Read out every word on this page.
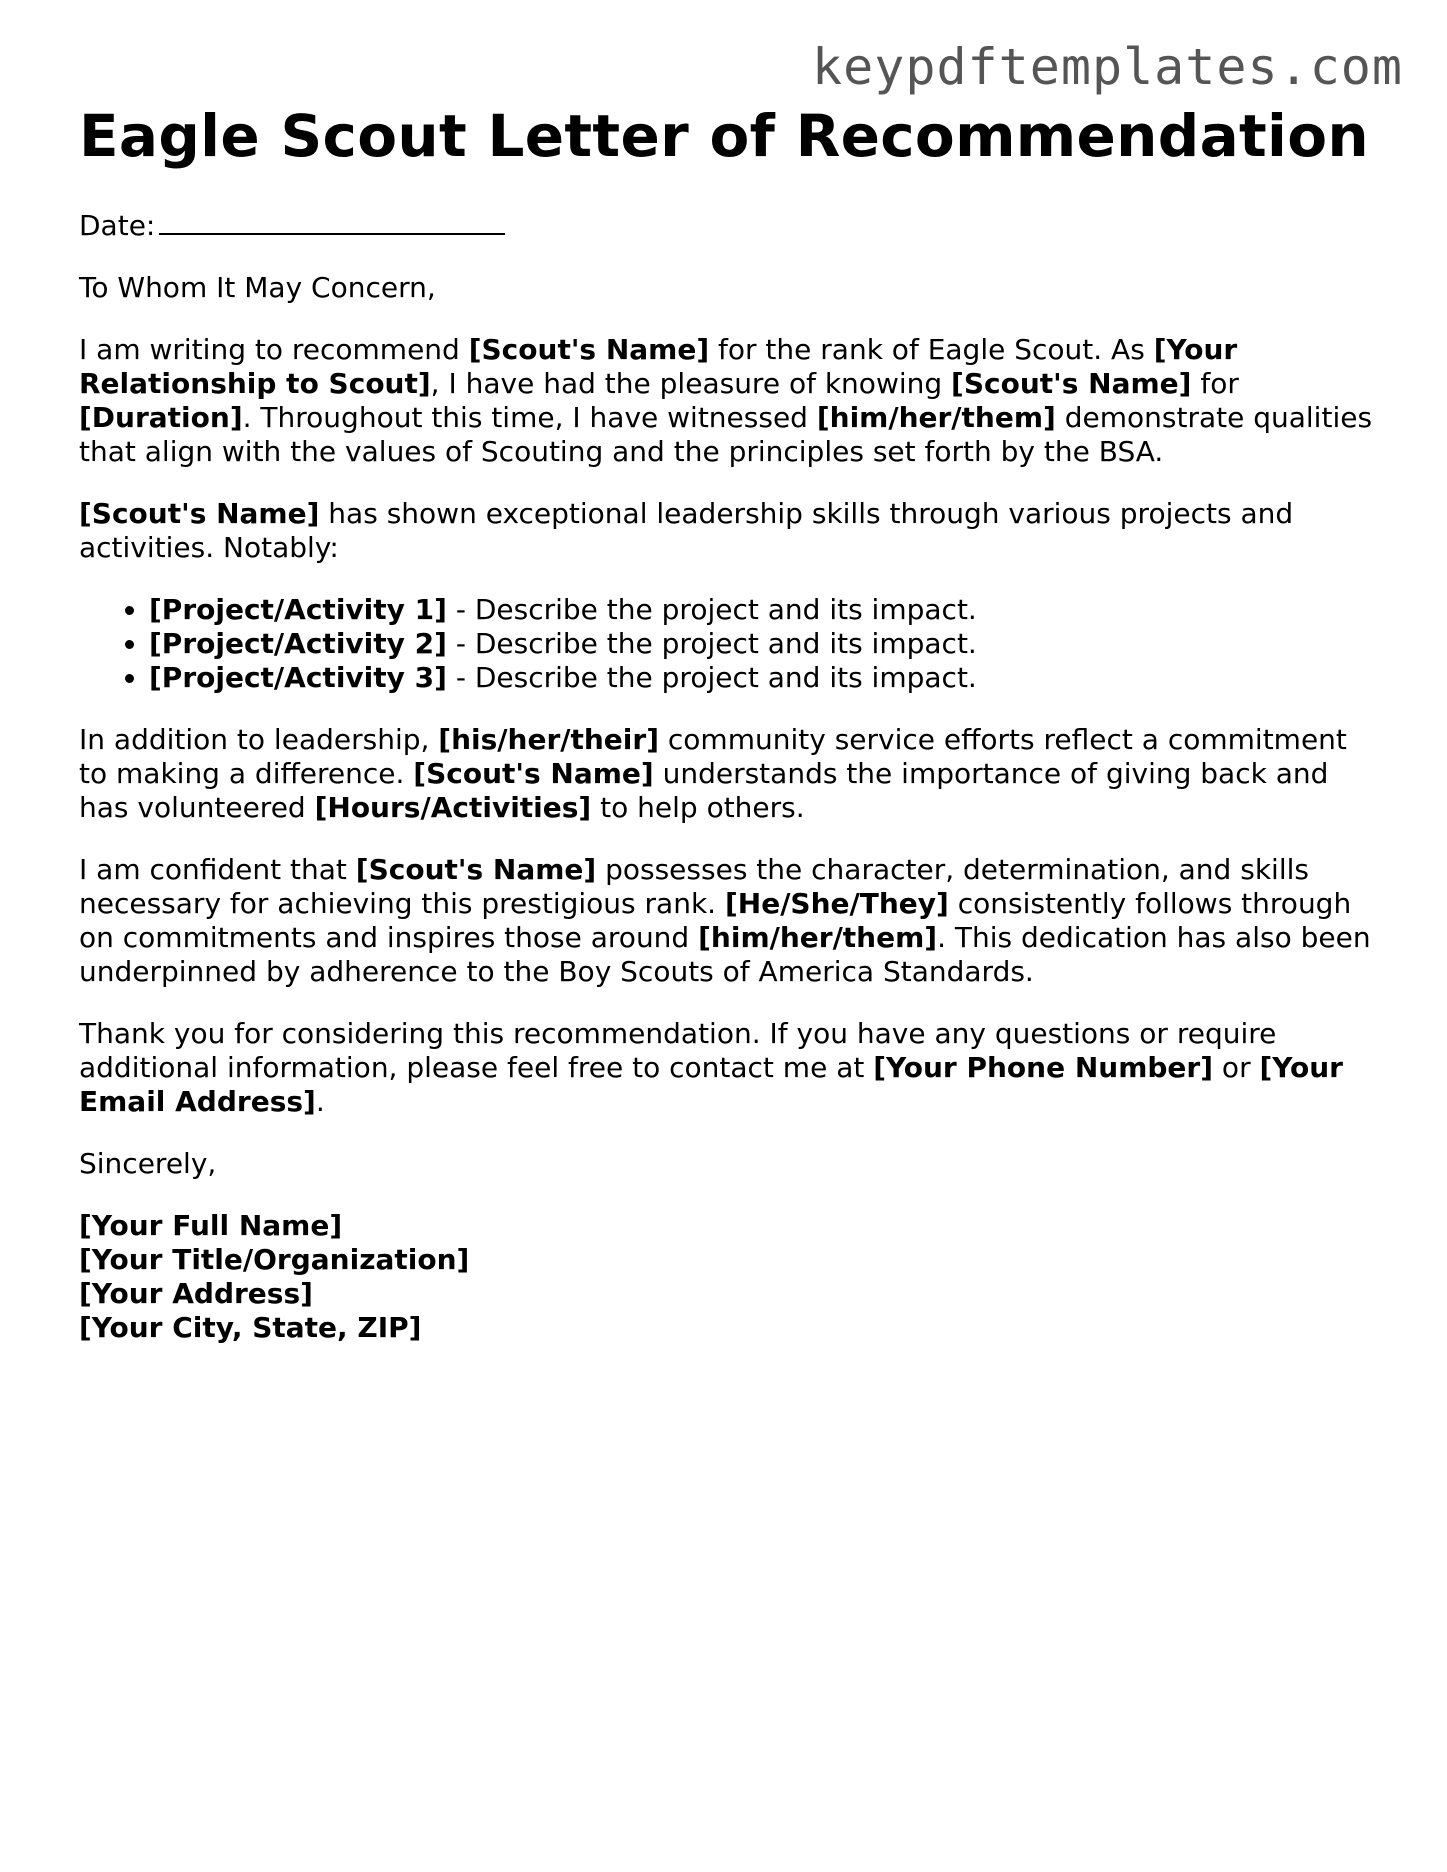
keypdftemplates.com
Eagle Scout Letter of Recommendation

Date:

To Whom It May Concern,

I am writing to recommend [Scout's Name] for the rank of Eagle Scout. As [Your Relationship to Scout], I have had the pleasure of knowing [Scout's Name] for [Duration]. Throughout this time, I have witnessed [him/her/them] demonstrate qualities that align with the values of Scouting and the principles set forth by the BSA.

[Scout's Name] has shown exceptional leadership skills through various projects and activities. Notably:

• [Project/Activity 1] - Describe the project and its impact.
• [Project/Activity 2] - Describe the project and its impact.
• [Project/Activity 3] - Describe the project and its impact.

In addition to leadership, [his/her/their] community service efforts reflect a commitment to making a difference. [Scout's Name] understands the importance of giving back and has volunteered [Hours/Activities] to help others.

I am confident that [Scout's Name] possesses the character, determination, and skills necessary for achieving this prestigious rank. [He/She/They] consistently follows through on commitments and inspires those around [him/her/them]. This dedication has also been underpinned by adherence to the Boy Scouts of America Standards.

Thank you for considering this recommendation. If you have any questions or require additional information, please feel free to contact me at [Your Phone Number] or [Your Email Address].

Sincerely,

[Your Full Name]
[Your Title/Organization]
[Your Address]
[Your City, State, ZIP]
